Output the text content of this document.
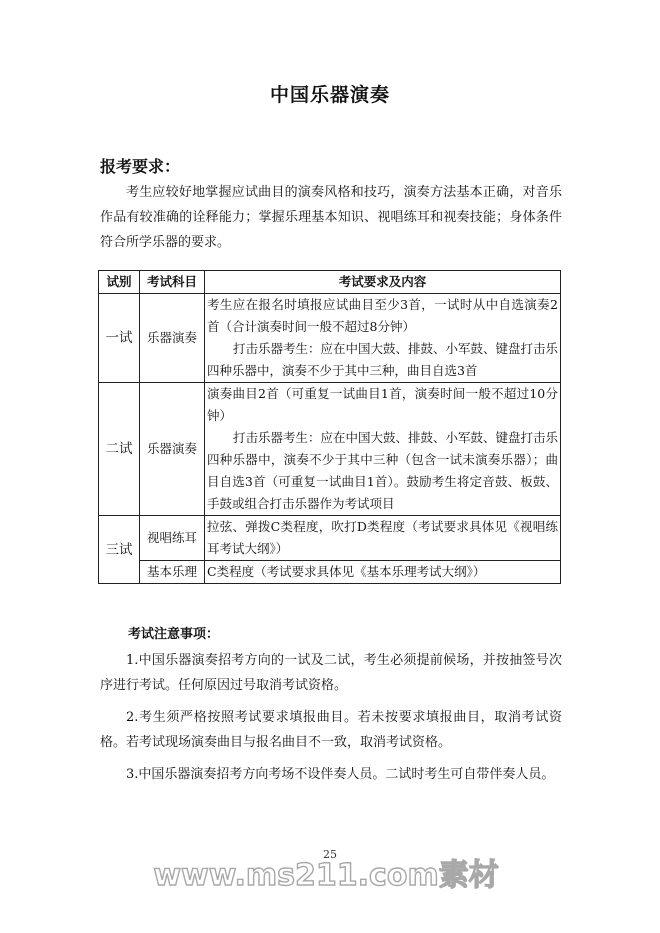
中国乐器演奏
报考要求：
考生应较好地掌握应试曲目的演奏风格和技巧，演奏方法基本正确，对音乐作品有较准确的诠释能力；掌握乐理基本知识、视唱练耳和视奏技能；身体条件符合所学乐器的要求。
试别	考试科目	考试要求及内容
一试	乐器演奏	考生应在报名时填报应试曲目至少3首，一试时从中自选演奏2首（合计演奏时间一般不超过8分钟）

打击乐器考生：应在中国大鼓、排鼓、小军鼓、键盘打击乐四种乐器中，演奏不少于其中三种，曲目自选3首

二试	乐器演奏	演奏曲目2首（可重复一试曲目1首，演奏时间一般不超过10分钟）

打击乐器考生：应在中国大鼓、排鼓、小军鼓、键盘打击乐四种乐器中，演奏不少于其中三种（包含一试未演奏乐器）；曲目自选3首（可重复一试曲目1首）。鼓励考生将定音鼓、板鼓、手鼓或组合打击乐器作为考试项目

三试	视唱练耳	拉弦、弹拨C类程度，吹打D类程度（考试要求具体见《视唱练耳考试大纲》）
	基本乐理	C类程度（考试要求具体见《基本乐理考试大纲》）
考试注意事项：

1.中国乐器演奏招考方向的一试及二试，考生必须提前候场，并按抽签号次序进行考试。任何原因过号取消考试资格。

2.考生须严格按照考试要求填报曲目。若未按要求填报曲目，取消考试资格。若考试现场演奏曲目与报名曲目不一致，取消考试资格。

3.中国乐器演奏招考方向考场不设伴奏人员。二试时考生可自带伴奏人员。

25
www.ms211.com素材
